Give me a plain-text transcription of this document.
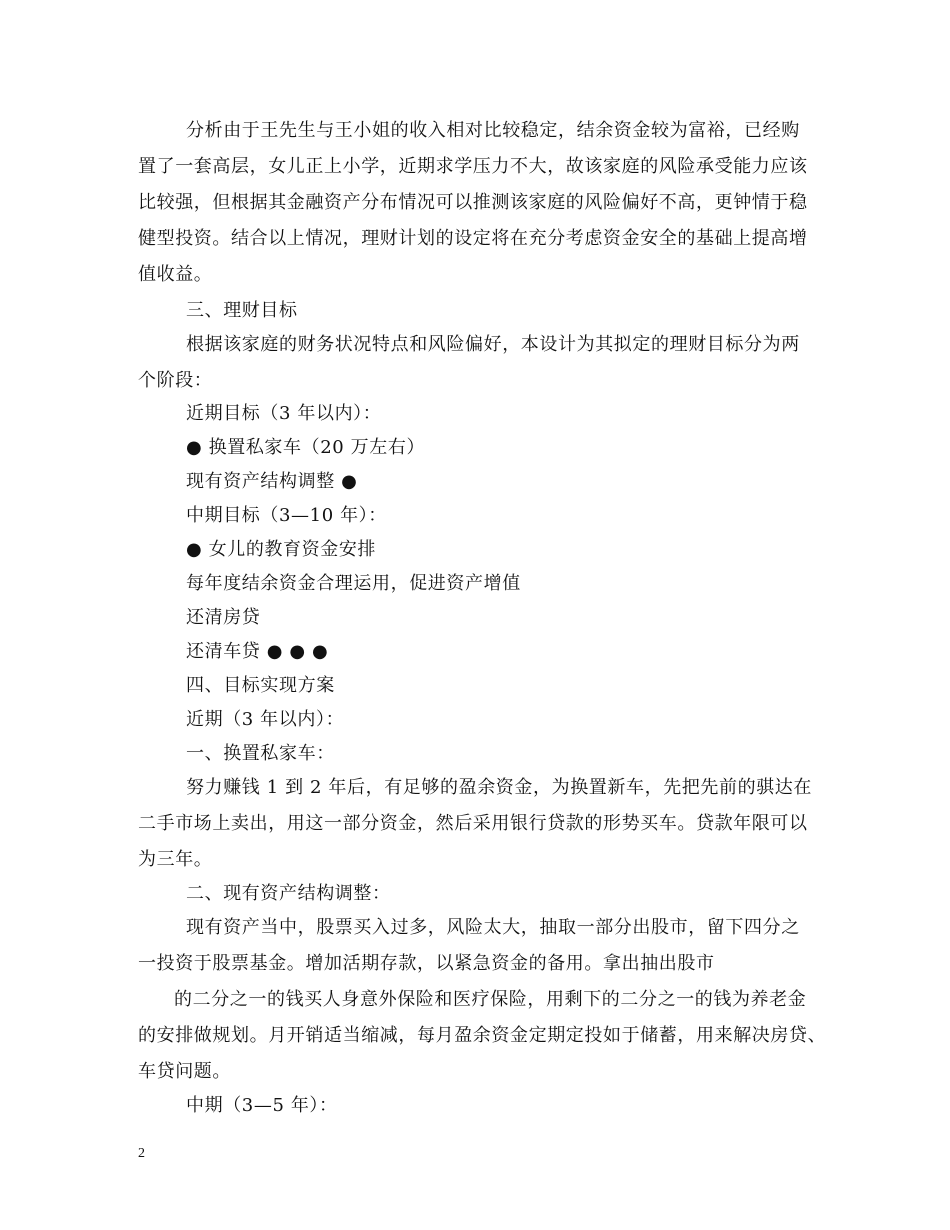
分析由于王先生与王小姐的收入相对比较稳定，结余资金较为富裕，已经购
置了一套高层，女儿正上小学，近期求学压力不大，故该家庭的风险承受能力应该
比较强，但根据其金融资产分布情况可以推测该家庭的风险偏好不高，更钟情于稳
健型投资。结合以上情况，理财计划的设定将在充分考虑资金安全的基础上提高增
值收益。
三、理财目标
根据该家庭的财务状况特点和风险偏好，本设计为其拟定的理财目标分为两
个阶段：
近期目标（3 年以内）：
● 换置私家车（20 万左右）
现有资产结构调整 ●
中期目标（3—10 年）：
● 女儿的教育资金安排
每年度结余资金合理运用，促进资产增值
还清房贷
还清车贷 ● ● ●
四、目标实现方案
近期（3 年以内）：
一、换置私家车：
努力赚钱 1 到 2 年后，有足够的盈余资金，为换置新车，先把先前的骐达在
二手市场上卖出，用这一部分资金，然后采用银行贷款的形势买车。贷款年限可以
为三年。
二、现有资产结构调整：
现有资产当中，股票买入过多，风险太大，抽取一部分出股市，留下四分之
一投资于股票基金。增加活期存款，以紧急资金的备用。拿出抽出股市
的二分之一的钱买人身意外保险和医疗保险，用剩下的二分之一的钱为养老金
的安排做规划。月开销适当缩减，每月盈余资金定期定投如于储蓄，用来解决房贷、
车贷问题。
中期（3—5 年）：
2
